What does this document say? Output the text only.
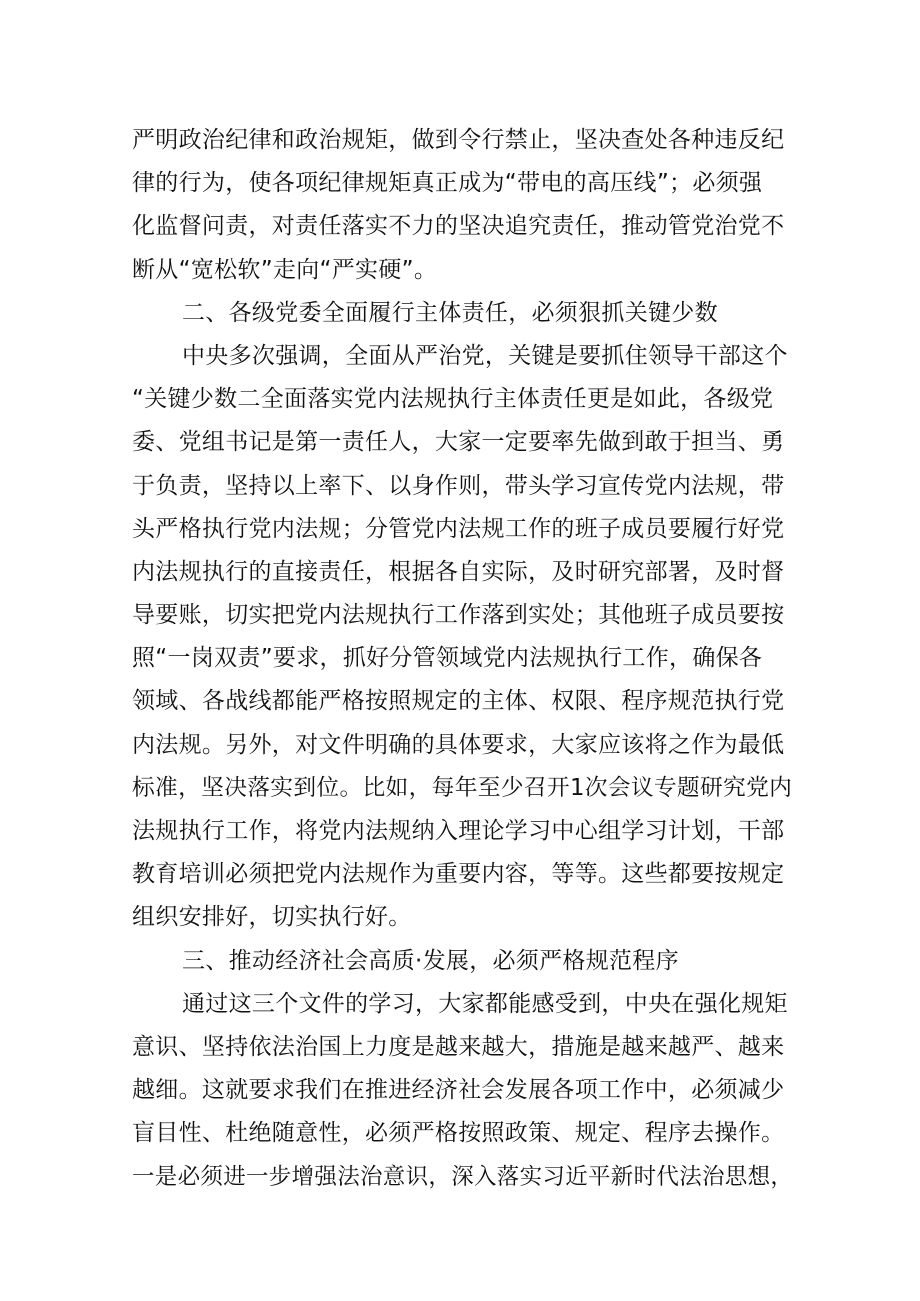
严明政治纪律和政治规矩，做到令行禁止，坚决查处各种违反纪
律的行为，使各项纪律规矩真正成为“带电的高压线”；必须强
化监督问责，对责任落实不力的坚决追究责任，推动管党治党不
断从“宽松软”走向“严实硬”。
二、各级党委全面履行主体责任，必须狠抓关键少数
中央多次强调，全面从严治党，关键是要抓住领导干部这个
“关键少数二全面落实党内法规执行主体责任更是如此，各级党
委、党组书记是第一责任人，大家一定要率先做到敢于担当、勇
于负责，坚持以上率下、以身作则，带头学习宣传党内法规，带
头严格执行党内法规；分管党内法规工作的班子成员要履行好党
内法规执行的直接责任，根据各自实际，及时研究部署，及时督
导要账，切实把党内法规执行工作落到实处；其他班子成员要按
照“一岗双责”要求，抓好分管领域党内法规执行工作，确保各
领域、各战线都能严格按照规定的主体、权限、程序规范执行党
内法规。另外，对文件明确的具体要求，大家应该将之作为最低
标准，坚决落实到位。比如，每年至少召开1次会议专题研究党内
法规执行工作，将党内法规纳入理论学习中心组学习计划，干部
教育培训必须把党内法规作为重要内容，等等。这些都要按规定
组织安排好，切实执行好。
三、推动经济社会高质·发展，必须严格规范程序
通过这三个文件的学习，大家都能感受到，中央在强化规矩
意识、坚持依法治国上力度是越来越大，措施是越来越严、越来
越细。这就要求我们在推进经济社会发展各项工作中，必须减少
盲目性、杜绝随意性，必须严格按照政策、规定、程序去操作。
一是必须进一步增强法治意识，深入落实习近平新时代法治思想，
